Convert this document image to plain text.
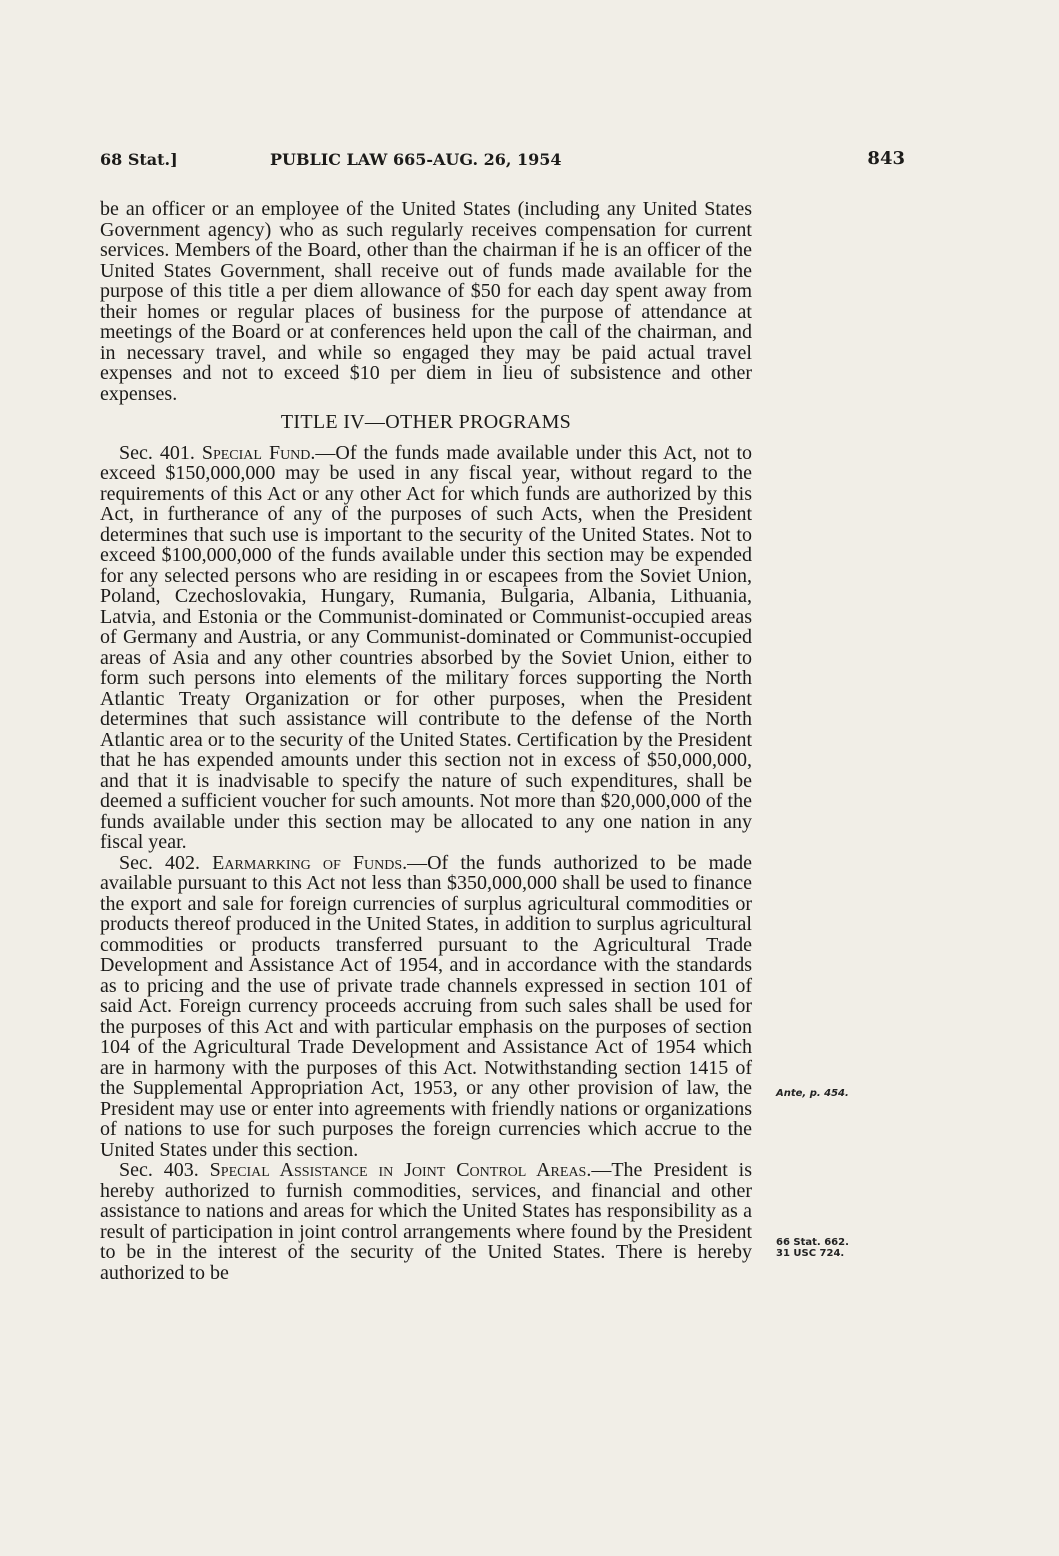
68 Stat.]	PUBLIC LAW 665-AUG. 26, 1954	843

be an officer or an employee of the United States (including any United States Government agency) who as such regularly receives compensation for current services. Members of the Board, other than the chairman if he is an officer of the United States Government, shall receive out of funds made available for the purpose of this title a per diem allowance of $50 for each day spent away from their homes or regular places of business for the purpose of attendance at meetings of the Board or at conferences held upon the call of the chairman, and in necessary travel, and while so engaged they may be paid actual travel expenses and not to exceed $10 per diem in lieu of subsistence and other expenses.

TITLE IV—OTHER PROGRAMS

Sec. 401. Special Fund.—Of the funds made available under this Act, not to exceed $150,000,000 may be used in any fiscal year, without regard to the requirements of this Act or any other Act for which funds are authorized by this Act, in furtherance of any of the purposes of such Acts, when the President determines that such use is important to the security of the United States. Not to exceed $100,000,000 of the funds available under this section may be expended for any selected persons who are residing in or escapees from the Soviet Union, Poland, Czechoslovakia, Hungary, Rumania, Bulgaria, Albania, Lithuania, Latvia, and Estonia or the Communist-dominated or Communist-occupied areas of Germany and Austria, or any Communist-dominated or Communist-occupied areas of Asia and any other countries absorbed by the Soviet Union, either to form such persons into elements of the military forces supporting the North Atlantic Treaty Organization or for other purposes, when the President determines that such assistance will contribute to the defense of the North Atlantic area or to the security of the United States. Certification by the President that he has expended amounts under this section not in excess of $50,000,000, and that it is inadvisable to specify the nature of such expenditures, shall be deemed a sufficient voucher for such amounts. Not more than $20,000,000 of the funds available under this section may be allocated to any one nation in any fiscal year.

Sec. 402. Earmarking of Funds.—Of the funds authorized to be made available pursuant to this Act not less than $350,000,000 shall be used to finance the export and sale for foreign currencies of surplus agricultural commodities or products thereof produced in the United States, in addition to surplus agricultural commodities or products transferred pursuant to the Agricultural Trade Development and Assistance Act of 1954, and in accordance with the standards as to pricing and the use of private trade channels expressed in section 101 of said Act. Foreign currency proceeds accruing from such sales shall be used for the purposes of this Act and with particular emphasis on the purposes of section 104 of the Agricultural Trade Development and Assistance Act of 1954 which are in harmony with the purposes of this Act. Notwithstanding section 1415 of the Supplemental Appropriation Act, 1953, or any other provision of law, the President may use or enter into agreements with friendly nations or organizations of nations to use for such purposes the foreign currencies which accrue to the United States under this section.

Sec. 403. Special Assistance in Joint Control Areas.—The President is hereby authorized to furnish commodities, services, and financial and other assistance to nations and areas for which the United States has responsibility as a result of participation in joint control arrangements where found by the President to be in the interest of the security of the United States. There is hereby authorized to be

Ante, p. 454.
66 Stat. 662.
31 USC 724.
